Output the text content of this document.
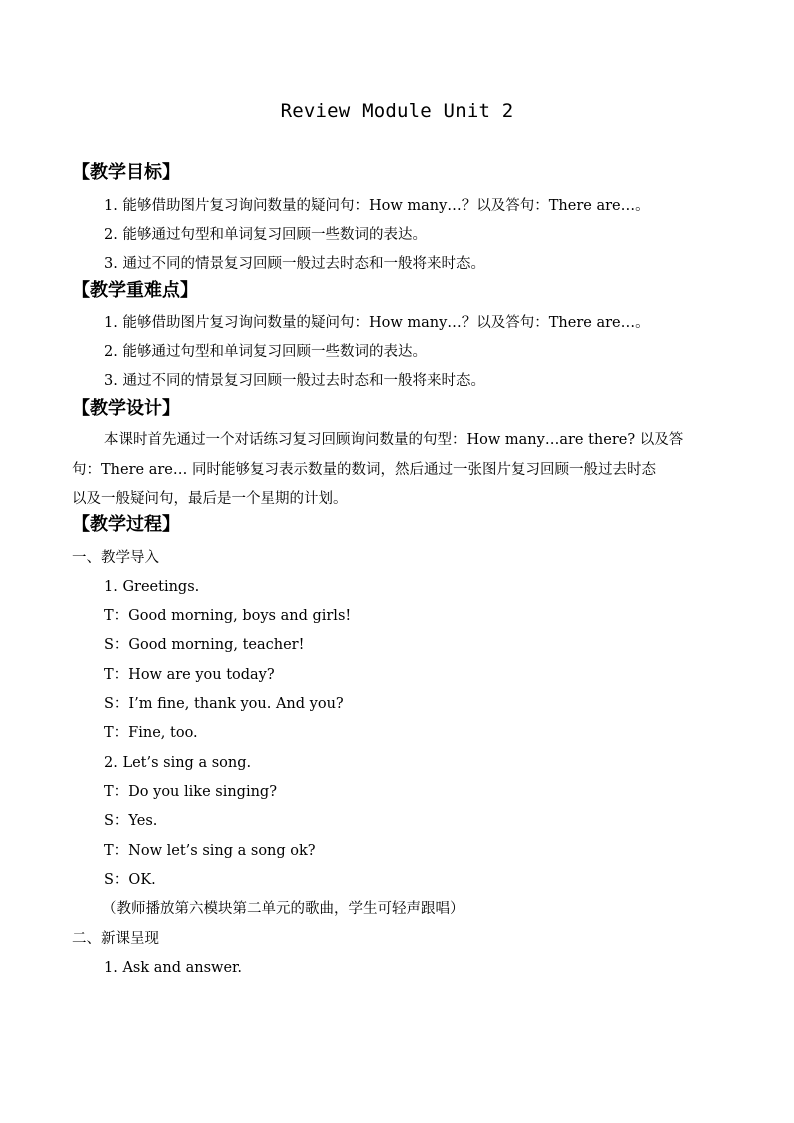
Review Module Unit 2
【教学目标】
1. 能够借助图片复习询问数量的疑问句：How many…？以及答句：There are…。
2. 能够通过句型和单词复习回顾一些数词的表达。
3. 通过不同的情景复习回顾一般过去时态和一般将来时态。
【教学重难点】
1. 能够借助图片复习询问数量的疑问句：How many…？以及答句：There are…。
2. 能够通过句型和单词复习回顾一些数词的表达。
3. 通过不同的情景复习回顾一般过去时态和一般将来时态。
【教学设计】
本课时首先通过一个对话练习复习回顾询问数量的句型：How many…are there? 以及答
句：There are… 同时能够复习表示数量的数词，然后通过一张图片复习回顾一般过去时态
以及一般疑问句，最后是一个星期的计划。
【教学过程】
一、教学导入
1. Greetings.
T：Good morning, boys and girls!
S：Good morning, teacher!
T：How are you today?
S：I’m fine, thank you. And you?
T：Fine, too.
2. Let’s sing a song.
T：Do you like singing?
S：Yes.
T：Now let’s sing a song ok?
S：OK.
（教师播放第六模块第二单元的歌曲，学生可轻声跟唱）
二、新课呈现
1. Ask and answer.
